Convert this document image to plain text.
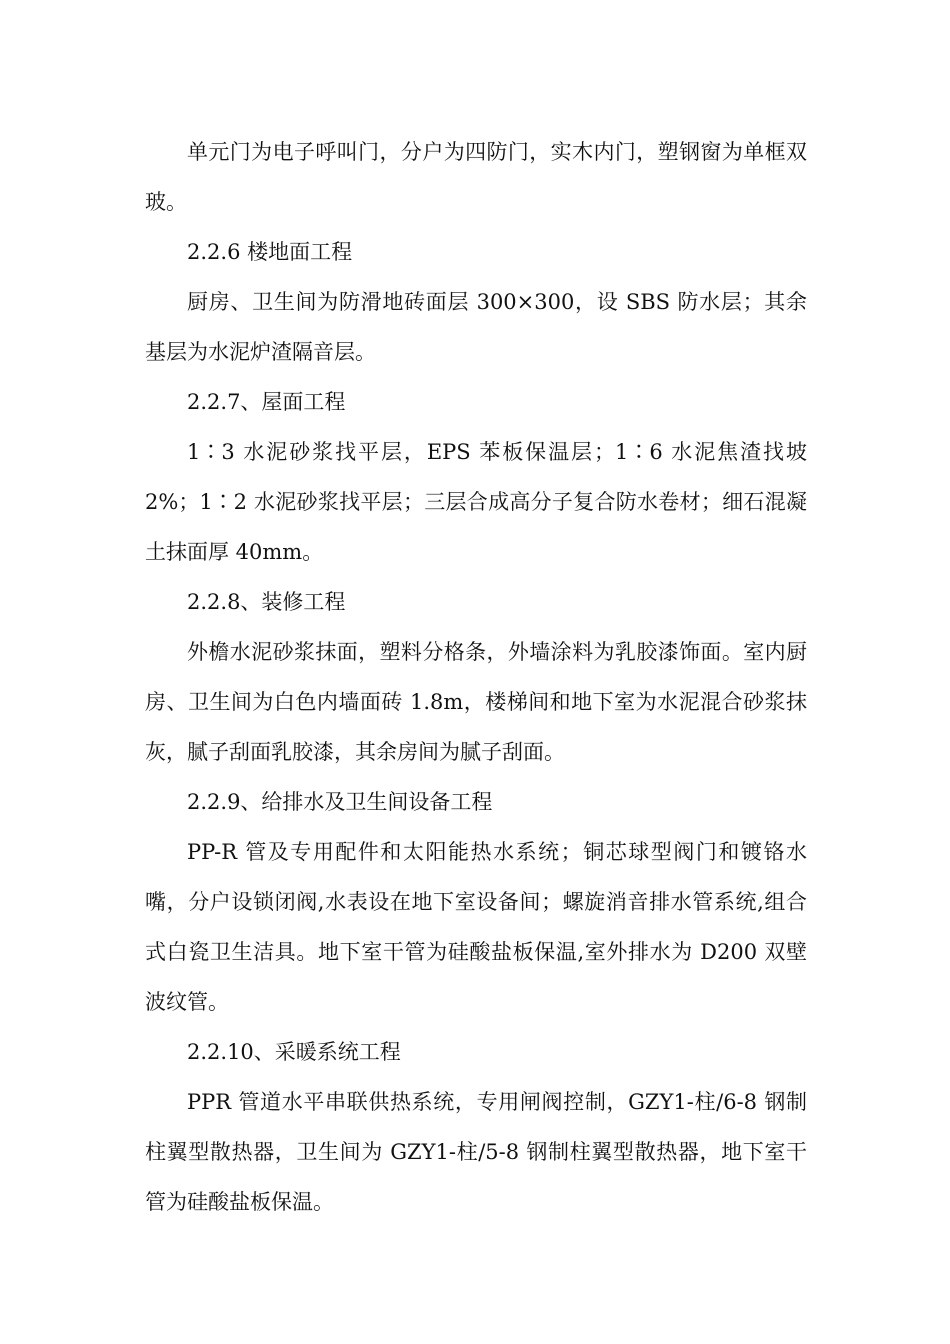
单元门为电子呼叫门，分户为四防门，实木内门，塑钢窗为单框双玻。

2.2.6 楼地面工程

厨房、卫生间为防滑地砖面层 300×300，设 SBS 防水层；其余基层为水泥炉渣隔音层。

2.2.7、屋面工程

1∶3 水泥砂浆找平层，EPS 苯板保温层；1∶6 水泥焦渣找坡 2%；1∶2 水泥砂浆找平层；三层合成高分子复合防水卷材；细石混凝土抹面厚 40mm。

2.2.8、装修工程

外檐水泥砂浆抹面，塑料分格条，外墙涂料为乳胶漆饰面。室内厨房、卫生间为白色内墙面砖 1.8m，楼梯间和地下室为水泥混合砂浆抹灰，腻子刮面乳胶漆，其余房间为腻子刮面。

2.2.9、给排水及卫生间设备工程

PP-R 管及专用配件和太阳能热水系统；铜芯球型阀门和镀铬水嘴，分户设锁闭阀,水表设在地下室设备间；螺旋消音排水管系统,组合式白瓷卫生洁具。地下室干管为硅酸盐板保温,室外排水为 D200 双壁波纹管。

2.2.10、采暖系统工程

PPR 管道水平串联供热系统，专用闸阀控制，GZY1-柱/6-8 钢制柱翼型散热器，卫生间为 GZY1-柱/5-8 钢制柱翼型散热器，地下室干管为硅酸盐板保温。
